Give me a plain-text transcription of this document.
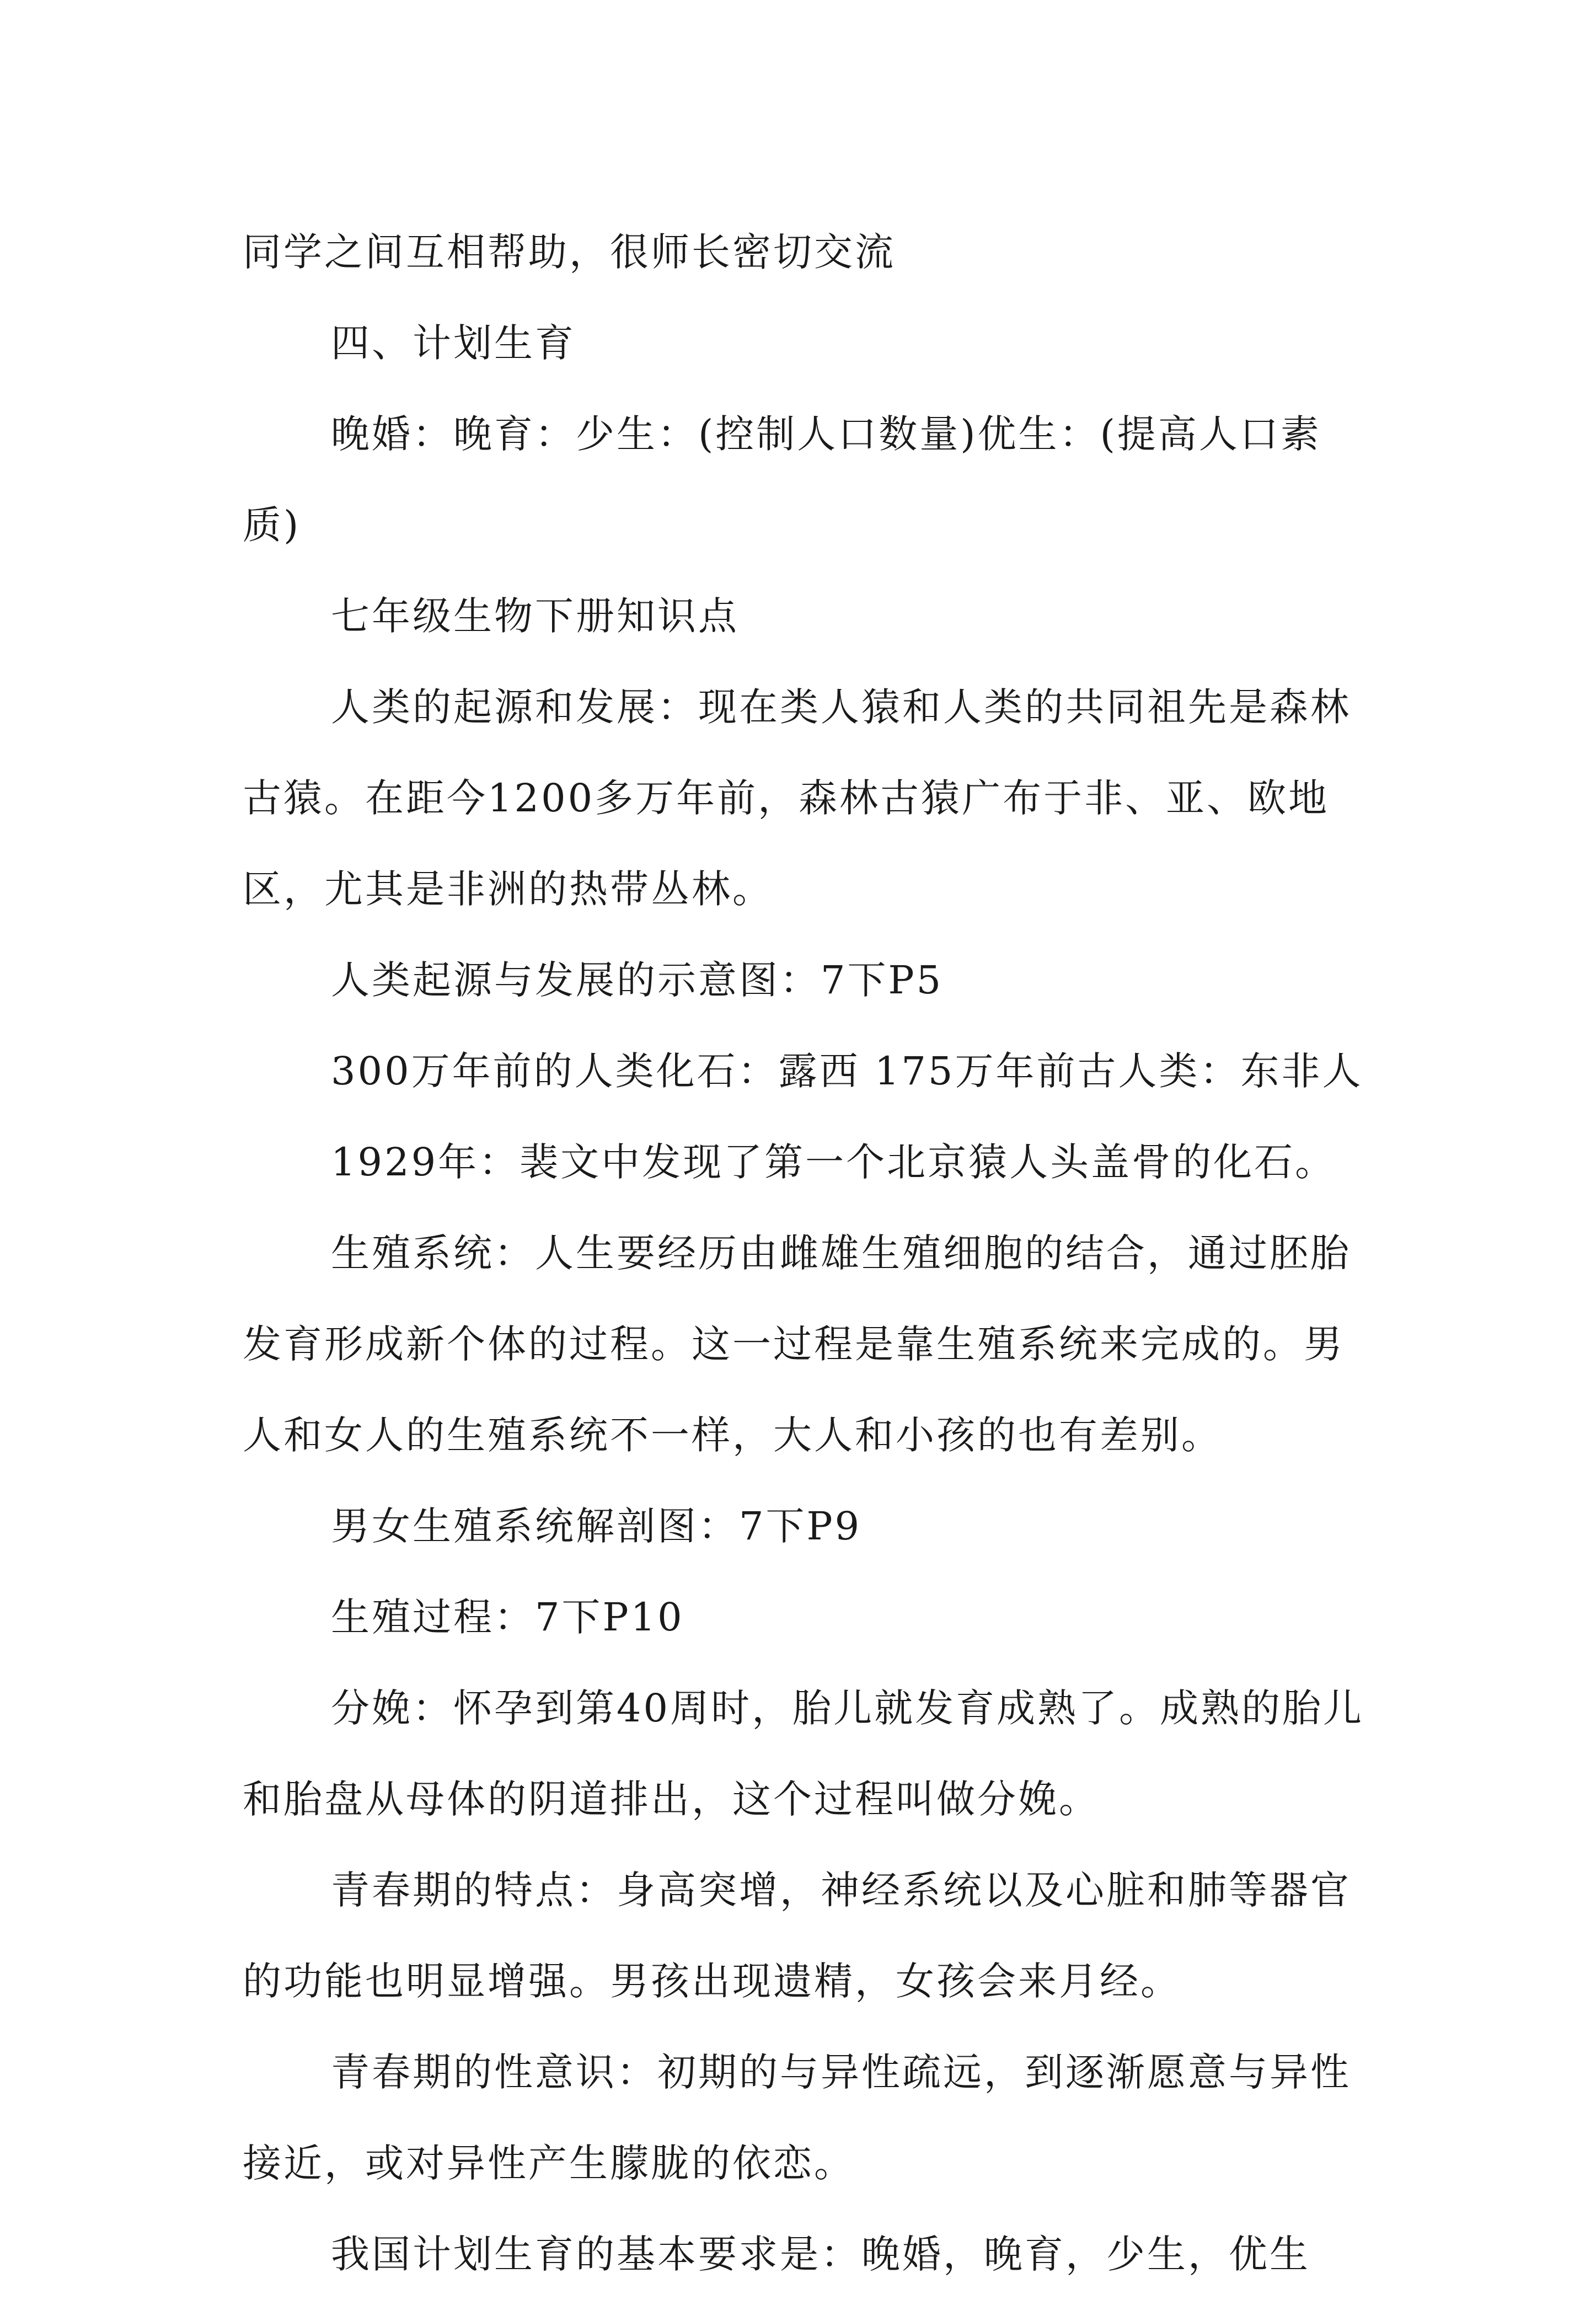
同学之间互相帮助，很师长密切交流

四、计划生育

晚婚：晚育：少生：(控制人口数量)优生：(提高人口素质)

七年级生物下册知识点

人类的起源和发展：现在类人猿和人类的共同祖先是森林古猿。在距今1200多万年前，森林古猿广布于非、亚、欧地区，尤其是非洲的热带丛林。

人类起源与发展的示意图：7下P5

300万年前的人类化石：露西 175万年前古人类：东非人

1929年：裴文中发现了第一个北京猿人头盖骨的化石。

生殖系统：人生要经历由雌雄生殖细胞的结合，通过胚胎发育形成新个体的过程。这一过程是靠生殖系统来完成的。男人和女人的生殖系统不一样，大人和小孩的也有差别。

男女生殖系统解剖图：7下P9

生殖过程：7下P10

分娩：怀孕到第40周时，胎儿就发育成熟了。成熟的胎儿和胎盘从母体的阴道排出，这个过程叫做分娩。

青春期的特点：身高突增，神经系统以及心脏和肺等器官的功能也明显增强。男孩出现遗精，女孩会来月经。

青春期的性意识：初期的与异性疏远，到逐渐愿意与异性接近，或对异性产生朦胧的依恋。

我国计划生育的基本要求是：晚婚，晚育，少生，优生
